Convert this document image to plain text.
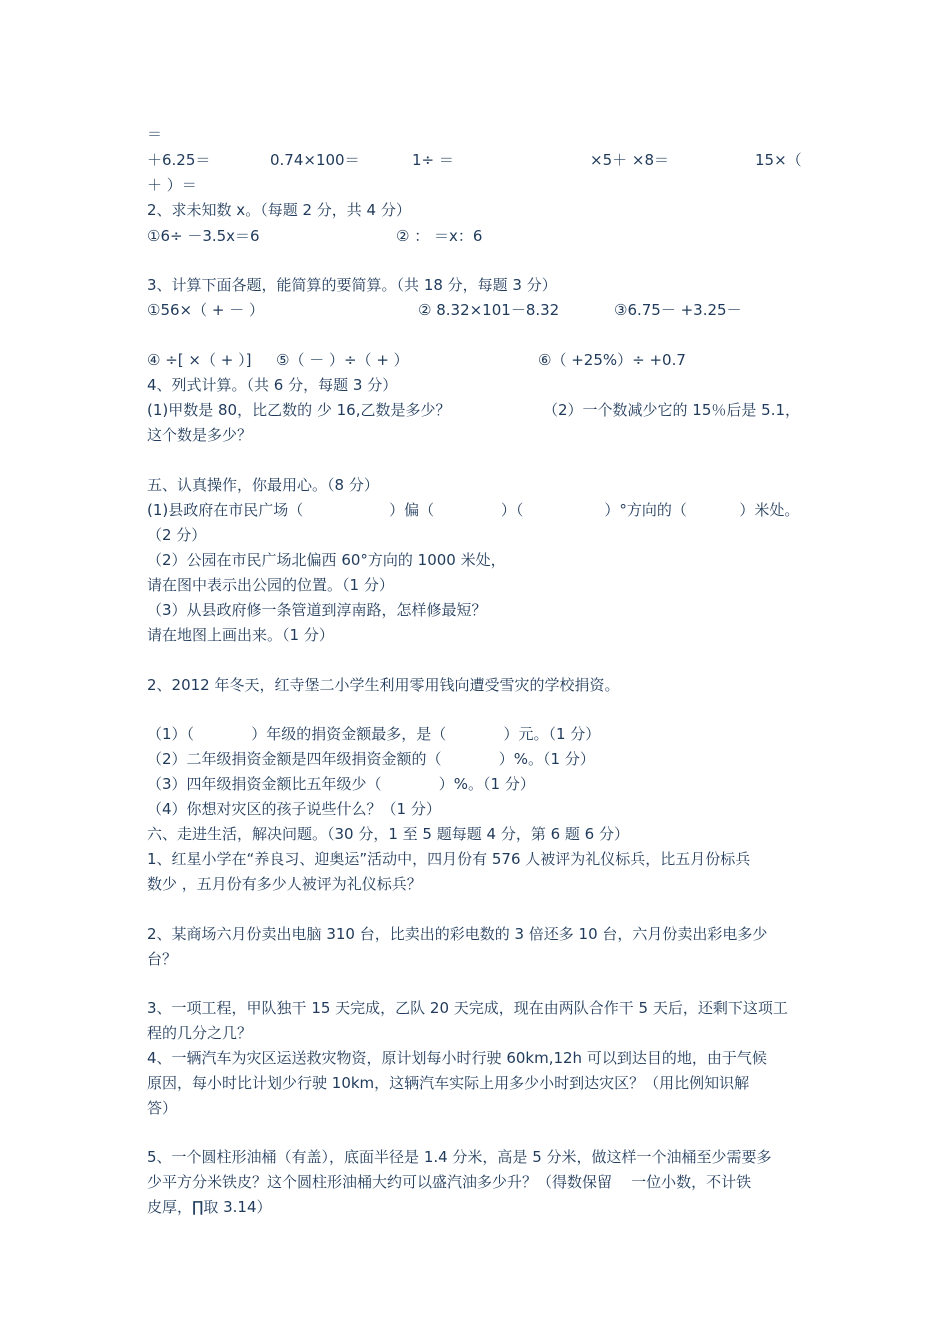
＝
＋6.25＝	0.74×100＝	1÷ ＝	×5＋ ×8＝	15×（
＋ ）＝
2、求未知数 x。（每题 2 分，共 4 分）
①6÷ －3.5x＝6	② ： ＝x：6
3、计算下面各题，能简算的要简算。（共 18 分，每题 3 分）
①56×（ + － ）	② 8.32×101－8.32	③6.75－ +3.25－
④ ÷[ ×（ + ）] ⑤（ － ）÷（ + ）	⑥（ +25%）÷ +0.7
4、列式计算。（共 6 分，每题 3 分）
(1)甲数是 80，比乙数的 少 16,乙数是多少？	（2）一个数减少它的 15％后是 5.1，
这个数是多少？
五、认真操作，你最用心。（8 分）
(1)县政府在市民广场（                  ）偏（              ）（                 ）°方向的（           ）米处。
（2 分）
（2）公园在市民广场北偏西 60°方向的 1000 米处，
请在图中表示出公园的位置。（1 分）
（3）从县政府修一条管道到淳南路，怎样修最短？
请在地图上画出来。（1 分）
2、2012 年冬天，红寺堡二小学生利用零用钱向遭受雪灾的学校捐资。
（1）（            ）年级的捐资金额最多，是（            ）元。（1 分）
（2）二年级捐资金额是四年级捐资金额的（            ）%。（1 分）
（3）四年级捐资金额比五年级少（            ）%。（1 分）
（4）你想对灾区的孩子说些什么？（1 分）
六、走进生活，解决问题。（30 分，1 至 5 题每题 4 分，第 6 题 6 分）
1、红星小学在“养良习、迎奥运”活动中，四月份有 576 人被评为礼仪标兵，比五月份标兵
数少 ，五月份有多少人被评为礼仪标兵？
2、某商场六月份卖出电脑 310 台，比卖出的彩电数的 3 倍还多 10 台，六月份卖出彩电多少
台？
3、一项工程，甲队独干 15 天完成，乙队 20 天完成，现在由两队合作干 5 天后，还剩下这项工
程的几分之几？
4、一辆汽车为灾区运送救灾物资，原计划每小时行驶 60km,12h 可以到达目的地，由于气候
原因，每小时比计划少行驶 10km，这辆汽车实际上用多少小时到达灾区？（用比例知识解
答）
5、一个圆柱形油桶（有盖），底面半径是 1.4 分米，高是 5 分米，做这样一个油桶至少需要多
少平方分米铁皮？这个圆柱形油桶大约可以盛汽油多少升？（得数保留    一位小数，不计铁
皮厚，∏取 3.14）
